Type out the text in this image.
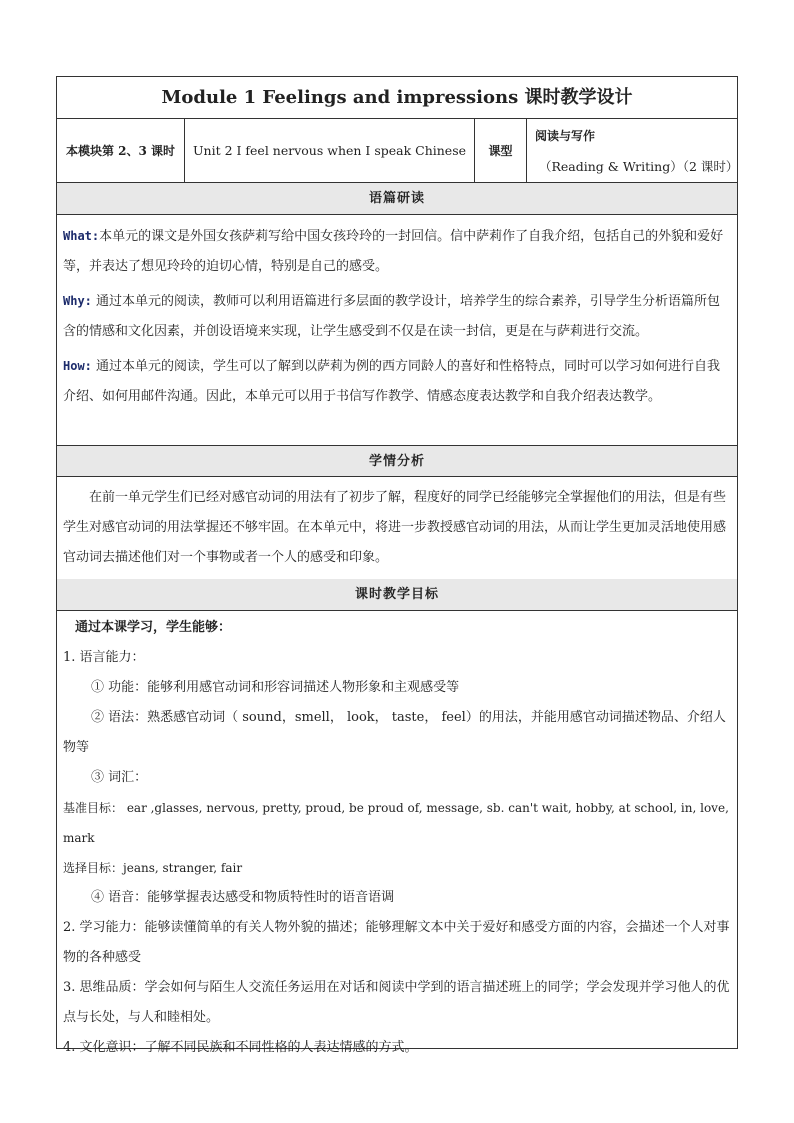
Module 1 Feelings and impressions 课时教学设计
本模块第 2、3 课时	Unit 2 I feel nervous when I speak Chinese	课型
阅读与写作
（Reading & Writing）（2 课时）
语篇研读

What:本单元的课文是外国女孩萨莉写给中国女孩玲玲的一封回信。信中萨莉作了自我介绍，包括自己的外貌和爱好等，并表达了想见玲玲的迫切心情，特别是自己的感受。

Why: 通过本单元的阅读，教师可以利用语篇进行多层面的教学设计，培养学生的综合素养，引导学生分析语篇所包含的情感和文化因素，并创设语境来实现，让学生感受到不仅是在读一封信，更是在与萨莉进行交流。

How: 通过本单元的阅读，学生可以了解到以萨莉为例的西方同龄人的喜好和性格特点，同时可以学习如何进行自我介绍、如何用邮件沟通。因此，本单元可以用于书信写作教学、情感态度表达教学和自我介绍表达教学。

学情分析
在前一单元学生们已经对感官动词的用法有了初步了解，程度好的同学已经能够完全掌握他们的用法，但是有些学生对感官动词的用法掌握还不够牢固。在本单元中，将进一步教授感官动词的用法，从而让学生更加灵活地使用感官动词去描述他们对一个事物或者一个人的感受和印象。
课时教学目标

通过本课学习，学生能够：

1. 语言能力：

① 功能：能够利用感官动词和形容词描述人物形象和主观感受等

② 语法：熟悉感官动词（ sound，smell， look， taste， feel）的用法，并能用感官动词描述物品、介绍人物等

③ 词汇：

基准目标： ear ,glasses, nervous, pretty, proud, be proud of, message, sb. can't wait, hobby, at school, in, love, mark

选择目标：jeans, stranger, fair

④ 语音：能够掌握表达感受和物质特性时的语音语调

2. 学习能力：能够读懂简单的有关人物外貌的描述；能够理解文本中关于爱好和感受方面的内容，会描述一个人对事物的各种感受

3. 思维品质：学会如何与陌生人交流任务运用在对话和阅读中学到的语言描述班上的同学；学会发现并学习他人的优点与长处，与人和睦相处。

4. 文化意识：了解不同民族和不同性格的人表达情感的方式。
